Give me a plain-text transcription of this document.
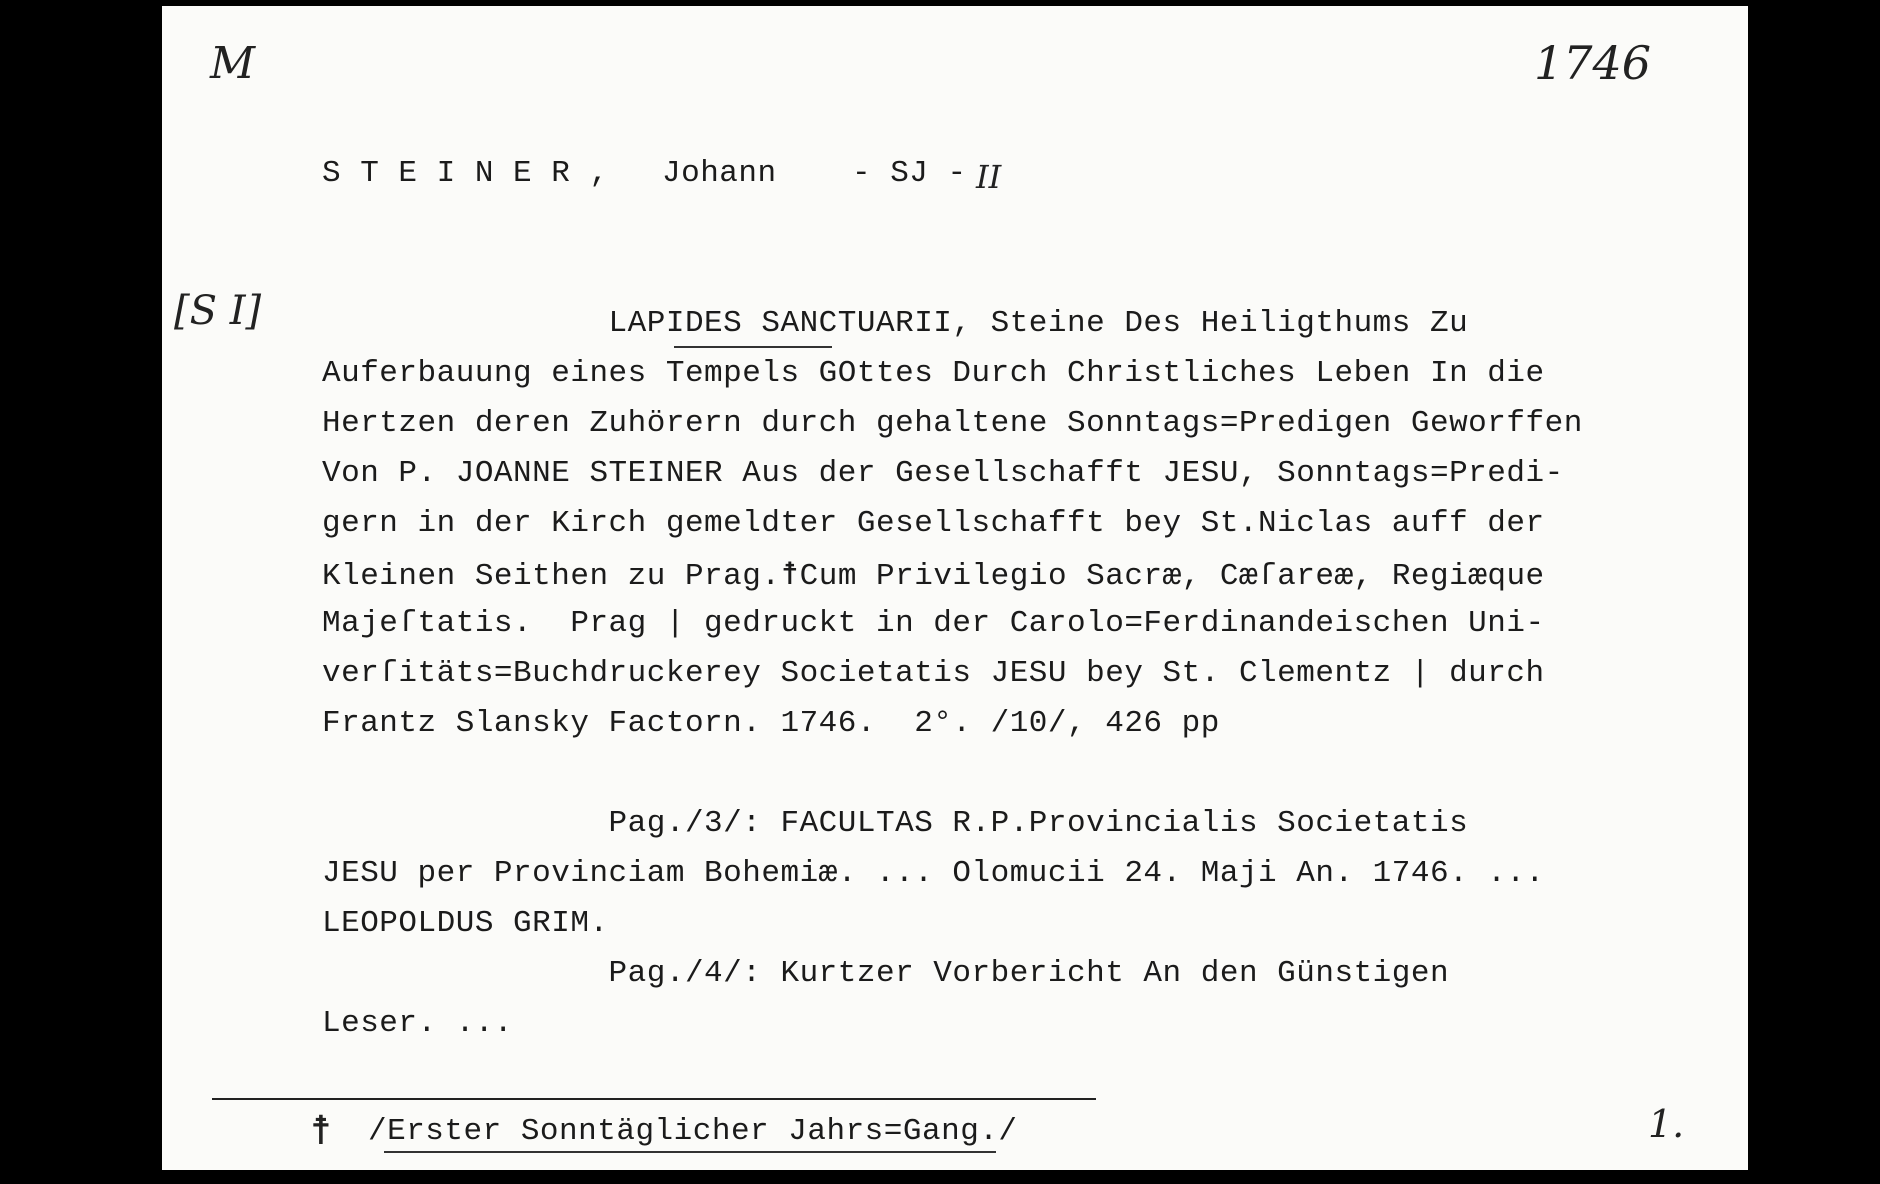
M	1746
[S I]
S T E I N E R , Johann - SJ - II
LAPIDES SANCTUARII, Steine Des Heiligthums Zu
Auferbauung eines Tempels GOttes Durch Christliches Leben In die
Hertzen deren Zuhörern durch gehaltene Sonntags=Predigen Geworffen
Von P. JOANNE STEINER Aus der Gesellschafft JESU, Sonntags=Predi-
gern in der Kirch gemeldter Gesellschafft bey St.Niclas auff der
Kleinen Seithen zu Prag.☨Cum Privilegio Sacræ, Cæſareæ, Regiæque
Majeſtatis.  Prag | gedruckt in der Carolo=Ferdinandeischen Uni-
verſitäts=Buchdruckerey Societatis JESU bey St. Clementz | durch
Frantz Slansky Factorn. 1746.  2°. /10/, 426 pp
Pag./3/: FACULTAS R.P.Provincialis Societatis
JESU per Provinciam Bohemiæ. ... Olomucii 24. Maji An. 1746. ...
LEOPOLDUS GRIM.
Pag./4/: Kurtzer Vorbericht An den Günstigen
Leser. ...
☨ /Erster Sonntäglicher Jahrs=Gang./	1.
